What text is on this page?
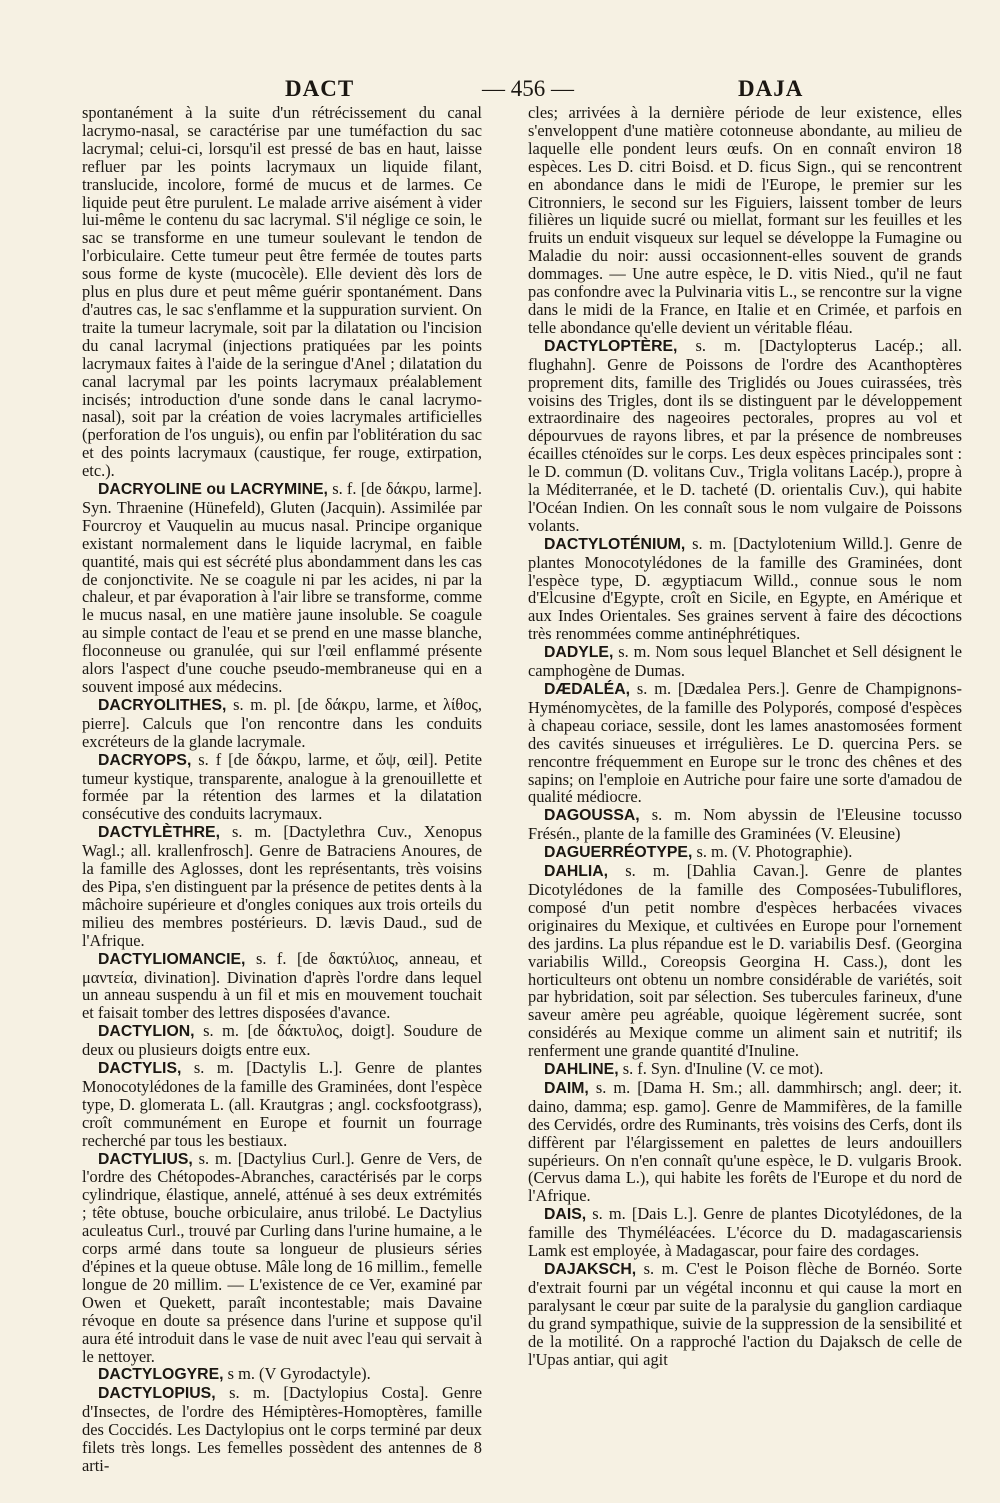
DACT	— 456 —	DAJA

spontanément à la suite d'un rétrécissement du canal lacrymo-nasal, se caractérise par une tuméfaction du sac lacrymal; celui-ci, lorsqu'il est pressé de bas en haut, laisse refluer par les points lacrymaux un liquide filant, translucide, incolore, formé de mucus et de larmes. Ce liquide peut être purulent. Le malade arrive aisément à vider lui-même le contenu du sac lacrymal. S'il néglige ce soin, le sac se transforme en une tumeur soulevant le tendon de l'orbiculaire. Cette tumeur peut être fermée de toutes parts sous forme de kyste (mucocèle). Elle devient dès lors de plus en plus dure et peut même guérir spontanément. Dans d'autres cas, le sac s'enflamme et la suppuration survient. On traite la tumeur lacrymale, soit par la dilatation ou l'incision du canal lacrymal (injections pratiquées par les points lacrymaux faites à l'aide de la seringue d'Anel ; dilatation du canal lacrymal par les points lacrymaux préalablement incisés; introduction d'une sonde dans le canal lacrymo-nasal), soit par la création de voies lacrymales artificielles (perforation de l'os unguis), ou enfin par l'oblitération du sac et des points lacrymaux (caustique, fer rouge, extirpation, etc.).

DACRYOLINE ou LACRYMINE, s. f. [de δάκρυ, larme]. Syn. Thraenine (Hünefeld), Gluten (Jacquin). Assimilée par Fourcroy et Vauquelin au mucus nasal. Principe organique existant normalement dans le liquide lacrymal, en faible quantité, mais qui est sécrété plus abondamment dans les cas de conjonctivite. Ne se coagule ni par les acides, ni par la chaleur, et par évaporation à l'air libre se transforme, comme le mucus nasal, en une matière jaune insoluble. Se coagule au simple contact de l'eau et se prend en une masse blanche, floconneuse ou granulée, qui sur l'œil enflammé présente alors l'aspect d'une couche pseudo-membraneuse qui en a souvent imposé aux médecins.

DACRYOLITHES, s. m. pl. [de δάκρυ, larme, et λίθος, pierre]. Calculs que l'on rencontre dans les conduits excréteurs de la glande lacrymale.

DACRYOPS, s. f [de δάκρυ, larme, et ὤψ, œil]. Petite tumeur kystique, transparente, analogue à la grenouillette et formée par la rétention des larmes et la dilatation consécutive des conduits lacrymaux.

DACTYLÈTHRE, s. m. [Dactylethra Cuv., Xenopus Wagl.; all. krallenfrosch]. Genre de Batraciens Anoures, de la famille des Aglosses, dont les représentants, très voisins des Pipa, s'en distinguent par la présence de petites dents à la mâchoire supérieure et d'ongles coniques aux trois orteils du milieu des membres postérieurs. D. lævis Daud., sud de l'Afrique.

DACTYLIOMANCIE, s. f. [de δακτύλιος, anneau, et μαντεία, divination]. Divination d'après l'ordre dans lequel un anneau suspendu à un fil et mis en mouvement touchait et faisait tomber des lettres disposées d'avance.

DACTYLION, s. m. [de δάκτυλος, doigt]. Soudure de deux ou plusieurs doigts entre eux.

DACTYLIS, s. m. [Dactylis L.]. Genre de plantes Monocotylédones de la famille des Graminées, dont l'espèce type, D. glomerata L. (all. Krautgras ; angl. cocksfootgrass), croît communément en Europe et fournit un fourrage recherché par tous les bestiaux.

DACTYLIUS, s. m. [Dactylius Curl.]. Genre de Vers, de l'ordre des Chétopodes-Abranches, caractérisés par le corps cylindrique, élastique, annelé, atténué à ses deux extrémités ; tête obtuse, bouche orbiculaire, anus trilobé. Le Dactylius aculeatus Curl., trouvé par Curling dans l'urine humaine, a le corps armé dans toute sa longueur de plusieurs séries d'épines et la queue obtuse. Mâle long de 16 millim., femelle longue de 20 millim. — L'existence de ce Ver, examiné par Owen et Quekett, paraît incontestable; mais Davaine révoque en doute sa présence dans l'urine et suppose qu'il aura été introduit dans le vase de nuit avec l'eau qui servait à le nettoyer.

DACTYLOGYRE, s m. (V Gyrodactyle).

DACTYLOPIUS, s. m. [Dactylopius Costa]. Genre d'Insectes, de l'ordre des Hémiptères-Homoptères, famille des Coccidés. Les Dactylopius ont le corps terminé par deux filets très longs. Les femelles possèdent des antennes de 8 arti-

cles; arrivées à la dernière période de leur existence, elles s'enveloppent d'une matière cotonneuse abondante, au milieu de laquelle elle pondent leurs œufs. On en connaît environ 18 espèces. Les D. citri Boisd. et D. ficus Sign., qui se rencontrent en abondance dans le midi de l'Europe, le premier sur les Citronniers, le second sur les Figuiers, laissent tomber de leurs filières un liquide sucré ou miellat, formant sur les feuilles et les fruits un enduit visqueux sur lequel se développe la Fumagine ou Maladie du noir: aussi occasionnent-elles souvent de grands dommages. — Une autre espèce, le D. vitis Nied., qu'il ne faut pas confondre avec la Pulvinaria vitis L., se rencontre sur la vigne dans le midi de la France, en Italie et en Crimée, et parfois en telle abondance qu'elle devient un véritable fléau.

DACTYLOPTÈRE, s. m. [Dactylopterus Lacép.; all. flughahn]. Genre de Poissons de l'ordre des Acanthoptères proprement dits, famille des Triglidés ou Joues cuirassées, très voisins des Trigles, dont ils se distinguent par le développement extraordinaire des nageoires pectorales, propres au vol et dépourvues de rayons libres, et par la présence de nombreuses écailles cténoïdes sur le corps. Les deux espèces principales sont : le D. commun (D. volitans Cuv., Trigla volitans Lacép.), propre à la Méditerranée, et le D. tacheté (D. orientalis Cuv.), qui habite l'Océan Indien. On les connaît sous le nom vulgaire de Poissons volants.

DACTYLOTÉNIUM, s. m. [Dactylotenium Willd.]. Genre de plantes Monocotylédones de la famille des Graminées, dont l'espèce type, D. ægyptiacum Willd., connue sous le nom d'Elcusine d'Egypte, croît en Sicile, en Egypte, en Amérique et aux Indes Orientales. Ses graines servent à faire des décoctions très renommées comme antinéphrétiques.

DADYLE, s. m. Nom sous lequel Blanchet et Sell désignent le camphogène de Dumas.

DÆDALÉA, s. m. [Dædalea Pers.]. Genre de Champignons-Hyménomycètes, de la famille des Polyporés, composé d'espèces à chapeau coriace, sessile, dont les lames anastomosées forment des cavités sinueuses et irrégulières. Le D. quercina Pers. se rencontre fréquemment en Europe sur le tronc des chênes et des sapins; on l'emploie en Autriche pour faire une sorte d'amadou de qualité médiocre.

DAGOUSSA, s. m. Nom abyssin de l'Eleusine tocusso Frésén., plante de la famille des Graminées (V. Eleusine)

DAGUERRÉOTYPE, s. m. (V. Photographie).

DAHLIA, s. m. [Dahlia Cavan.]. Genre de plantes Dicotylédones de la famille des Composées-Tubuliflores, composé d'un petit nombre d'espèces herbacées vivaces originaires du Mexique, et cultivées en Europe pour l'ornement des jardins. La plus répandue est le D. variabilis Desf. (Georgina variabilis Willd., Coreopsis Georgina H. Cass.), dont les horticulteurs ont obtenu un nombre considérable de variétés, soit par hybridation, soit par sélection. Ses tubercules farineux, d'une saveur amère peu agréable, quoique légèrement sucrée, sont considérés au Mexique comme un aliment sain et nutritif; ils renferment une grande quantité d'Inuline.

DAHLINE, s. f. Syn. d'Inuline (V. ce mot).

DAIM, s. m. [Dama H. Sm.; all. dammhirsch; angl. deer; it. daino, damma; esp. gamo]. Genre de Mammifères, de la famille des Cervidés, ordre des Ruminants, très voisins des Cerfs, dont ils diffèrent par l'élargissement en palettes de leurs andouillers supérieurs. On n'en connaît qu'une espèce, le D. vulgaris Brook. (Cervus dama L.), qui habite les forêts de l'Europe et du nord de l'Afrique.

DAIS, s. m. [Dais L.]. Genre de plantes Dicotylédones, de la famille des Thyméléacées. L'écorce du D. madagascariensis Lamk est employée, à Madagascar, pour faire des cordages.

DAJAKSCH, s. m. C'est le Poison flèche de Bornéo. Sorte d'extrait fourni par un végétal inconnu et qui cause la mort en paralysant le cœur par suite de la paralysie du ganglion cardiaque du grand sympathique, suivie de la suppression de la sensibilité et de la motilité. On a rapproché l'action du Dajaksch de celle de l'Upas antiar, qui agit
